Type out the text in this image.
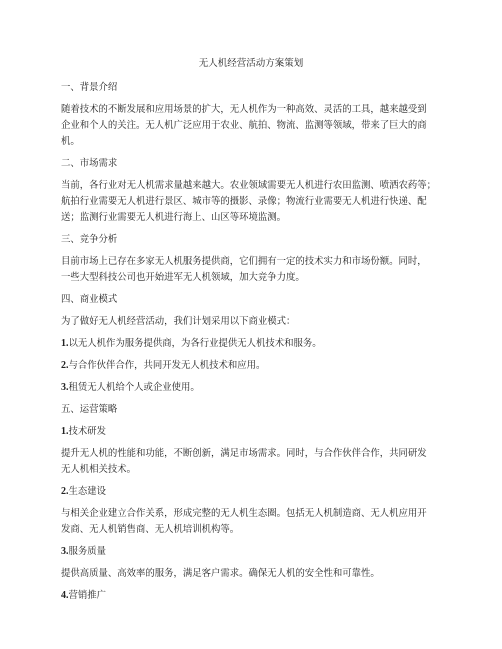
无人机经营活动方案策划
一、背景介绍
随着技术的不断发展和应用场景的扩大，无人机作为一种高效、灵活的工具，越来越受到
企业和个人的关注。无人机广泛应用于农业、航拍、物流、监测等领域，带来了巨大的商
机。
二、市场需求
当前，各行业对无人机需求量越来越大。农业领域需要无人机进行农田监测、喷洒农药等；
航拍行业需要无人机进行景区、城市等的摄影、录像；物流行业需要无人机进行快递、配
送；监测行业需要无人机进行海上、山区等环境监测。
三、竞争分析
目前市场上已存在多家无人机服务提供商，它们拥有一定的技术实力和市场份额。同时，
一些大型科技公司也开始进军无人机领域，加大竞争力度。
四、商业模式
为了做好无人机经营活动，我们计划采用以下商业模式：
1.以无人机作为服务提供商，为各行业提供无人机技术和服务。
2.与合作伙伴合作，共同开发无人机技术和应用。
3.租赁无人机给个人或企业使用。
五、运营策略
1.技术研发
提升无人机的性能和功能，不断创新，满足市场需求。同时，与合作伙伴合作，共同研发
无人机相关技术。
2.生态建设
与相关企业建立合作关系，形成完整的无人机生态圈。包括无人机制造商、无人机应用开
发商、无人机销售商、无人机培训机构等。
3.服务质量
提供高质量、高效率的服务，满足客户需求。确保无人机的安全性和可靠性。
4.营销推广
